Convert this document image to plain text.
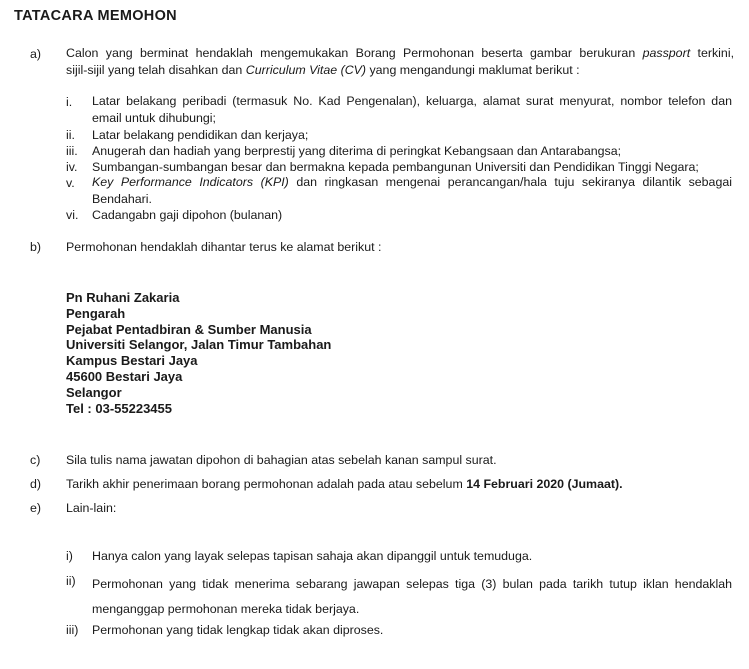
TATACARA MEMOHON
a) Calon yang berminat hendaklah mengemukakan Borang Permohonan beserta gambar berukuran passport terkini,
sijil-sijil yang telah disahkan dan Curriculum Vitae (CV) yang mengandungi maklumat berikut :
i. Latar belakang peribadi (termasuk No. Kad Pengenalan), keluarga, alamat surat menyurat, nombor telefon dan
email untuk dihubungi;
ii. Latar belakang pendidikan dan kerjaya;
iii. Anugerah dan hadiah yang berprestij yang diterima di peringkat Kebangsaan dan Antarabangsa;
iv. Sumbangan-sumbangan besar dan bermakna kepada pembangunan Universiti dan Pendidikan Tinggi Negara;
v. Key Performance Indicators (KPI) dan ringkasan mengenai perancangan/hala tuju sekiranya dilantik sebagai
Bendahari.
vi. Cadangabn gaji dipohon (bulanan)
b) Permohonan hendaklah dihantar terus ke alamat berikut :
Pn Ruhani Zakaria
Pengarah
Pejabat Pentadbiran & Sumber Manusia
Universiti Selangor, Jalan Timur Tambahan
Kampus Bestari Jaya
45600 Bestari Jaya
Selangor
Tel : 03-55223455
c) Sila tulis nama jawatan dipohon di bahagian atas sebelah kanan sampul surat.
d) Tarikh akhir penerimaan borang permohonan adalah pada atau sebelum 14 Februari 2020 (Jumaat).
e) Lain-lain:
i) Hanya calon yang layak selepas tapisan sahaja akan dipanggil untuk temuduga.
ii) Permohonan yang tidak menerima sebarang jawapan selepas tiga (3) bulan pada tarikh tutup iklan hendaklah
menganggap permohonan mereka tidak berjaya.
iii) Permohonan yang tidak lengkap tidak akan diproses.
